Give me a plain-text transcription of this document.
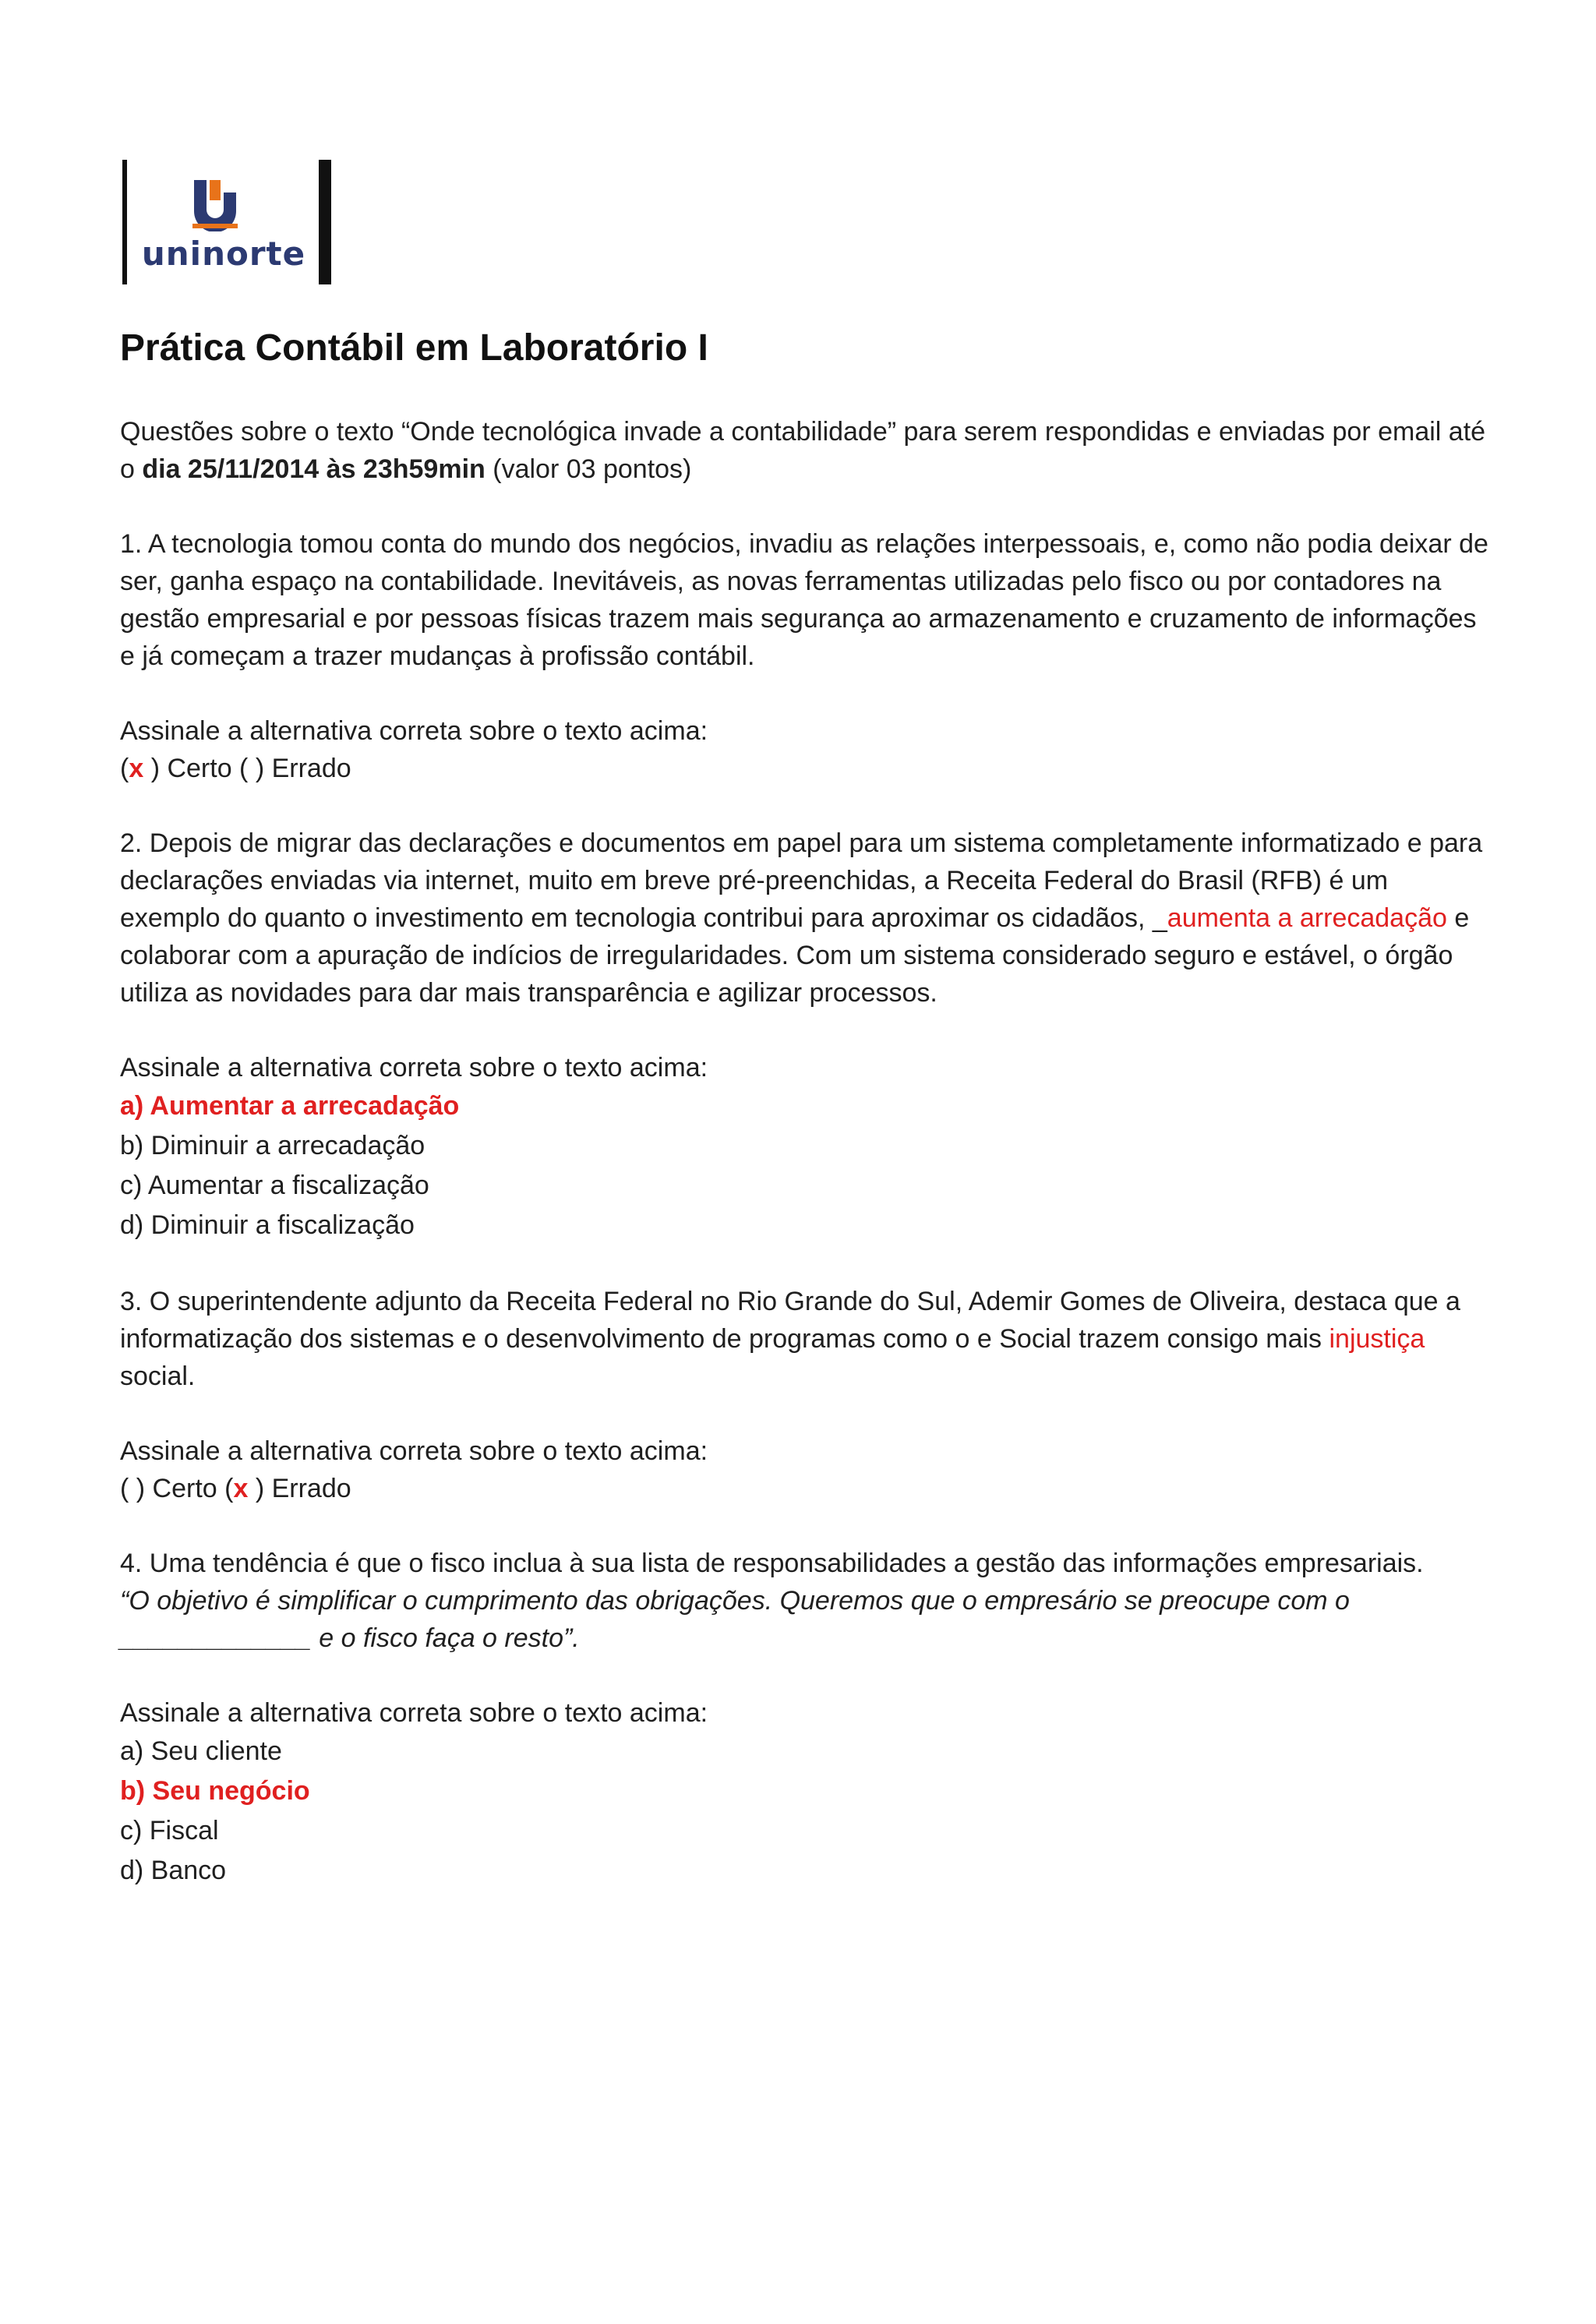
uninorte
Prática Contábil em Laboratório I

Questões sobre o texto “Onde tecnológica invade a contabilidade” para serem respondidas e enviadas por email até o dia 25/11/2014 às 23h59min (valor 03 pontos)

1. A tecnologia tomou conta do mundo dos negócios, invadiu as relações interpessoais, e, como não podia deixar de ser, ganha espaço na contabilidade. Inevitáveis, as novas ferramentas utilizadas pelo fisco ou por contadores na gestão empresarial e por pessoas físicas trazem mais segurança ao armazenamento e cruzamento de informações e já começam a trazer mudanças à profissão contábil.

Assinale a alternativa correta sobre o texto acima:

(x ) Certo ( ) Errado

2. Depois de migrar das declarações e documentos em papel para um sistema completamente informatizado e para declarações enviadas via internet, muito em breve pré-preenchidas, a Receita Federal do Brasil (RFB) é um exemplo do quanto o investimento em tecnologia contribui para aproximar os cidadãos, _aumenta a arrecadação e colaborar com a apuração de indícios de irregularidades. Com um sistema considerado seguro e estável, o órgão utiliza as novidades para dar mais transparência e agilizar processos.

Assinale a alternativa correta sobre o texto acima:

a) Aumentar a arrecadação
b) Diminuir a arrecadação
c) Aumentar a fiscalização
d) Diminuir a fiscalização

3. O superintendente adjunto da Receita Federal no Rio Grande do Sul, Ademir Gomes de Oliveira, destaca que a informatização dos sistemas e o desenvolvimento de programas como o e Social trazem consigo mais injustiça social.

Assinale a alternativa correta sobre o texto acima:

( ) Certo (x ) Errado

4. Uma tendência é que o fisco inclua à sua lista de responsabilidades a gestão das informações empresariais.

“O objetivo é simplificar o cumprimento das obrigações. Queremos que o empresário se preocupe com o _____________ e o fisco faça o resto”.

Assinale a alternativa correta sobre o texto acima:

a) Seu cliente
b) Seu negócio
c) Fiscal
d) Banco
